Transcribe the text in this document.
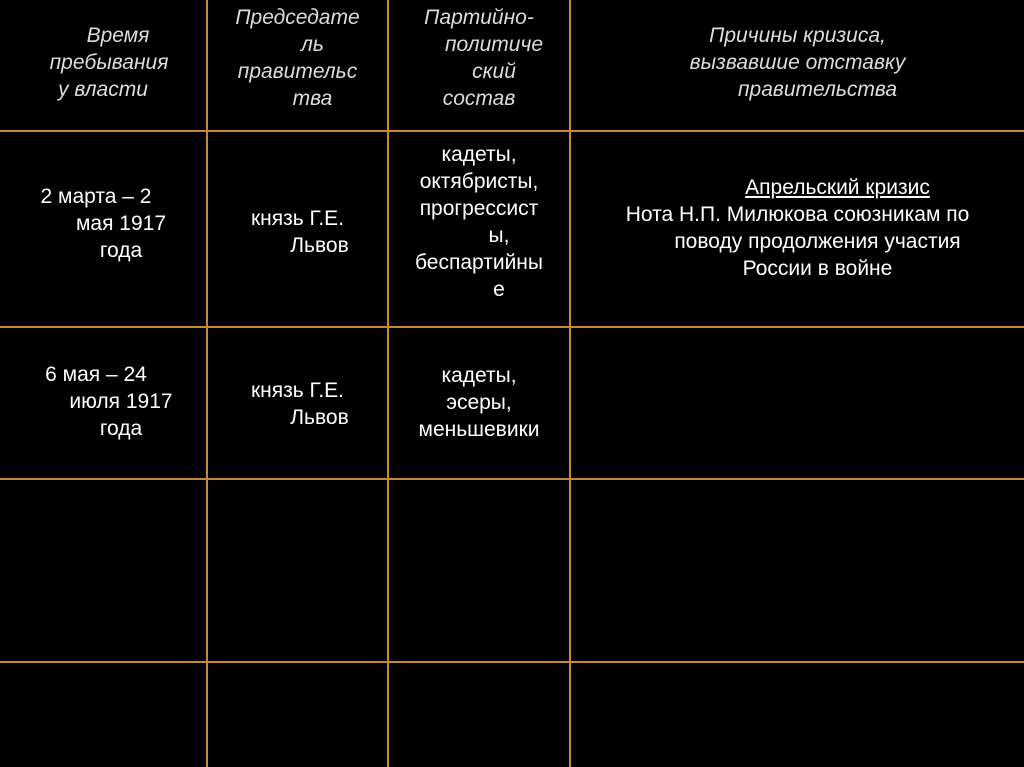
Время
пребывания
у власти
Председате
ль
правительс
тва
Партийно-
политиче
ский
состав
Причины кризиса,
вызвавшие отставку
правительства
2 марта – 2
мая 1917
года
князь Г.Е.
Львов
кадеты,
октябристы,
прогрессист
ы,
беспартийны
е
Апрельский кризис
Нота Н.П. Милюкова союзникам по
поводу продолжения участия
России в войне
6 мая – 24
июля 1917
года
князь Г.Е.
Львов
кадеты,
эсеры,
меньшевики
